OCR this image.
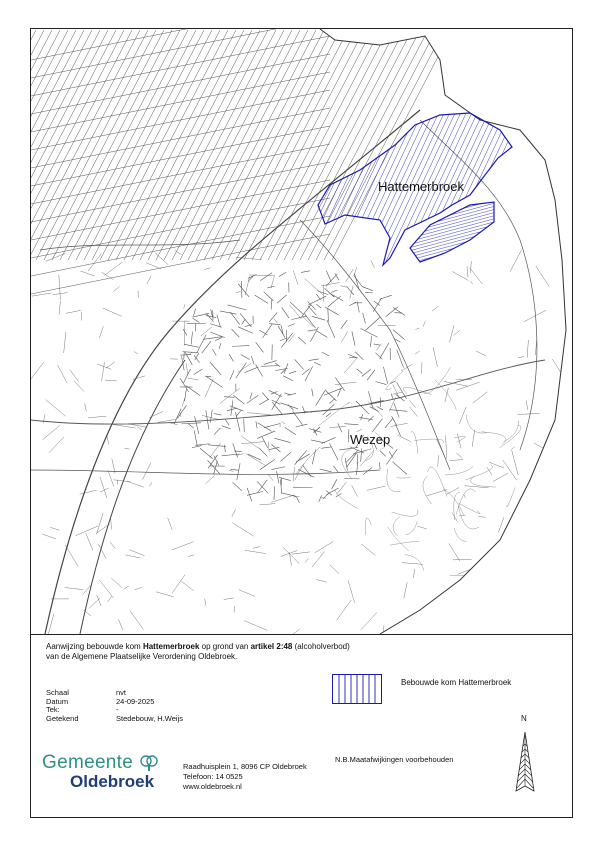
Hattemerbroek
Wezep
Aanwijzing bebouwde kom Hattemerbroek op grond van artikel 2:48 (alcoholverbod)
van de Algemene Plaatselijke Verordening Oldebroek.
Schaal	nvt
Datum	24-09-2025
Tek:	-
Getekend	Stedebouw, H.Weijs
Bebouwde kom Hattemerbroek
N
Gemeente
Oldebroek
Raadhuisplein 1, 8096 CP Oldebroek
Telefoon: 14 0525
www.oldebroek.nl
N.B.Maatafwijkingen voorbehouden
